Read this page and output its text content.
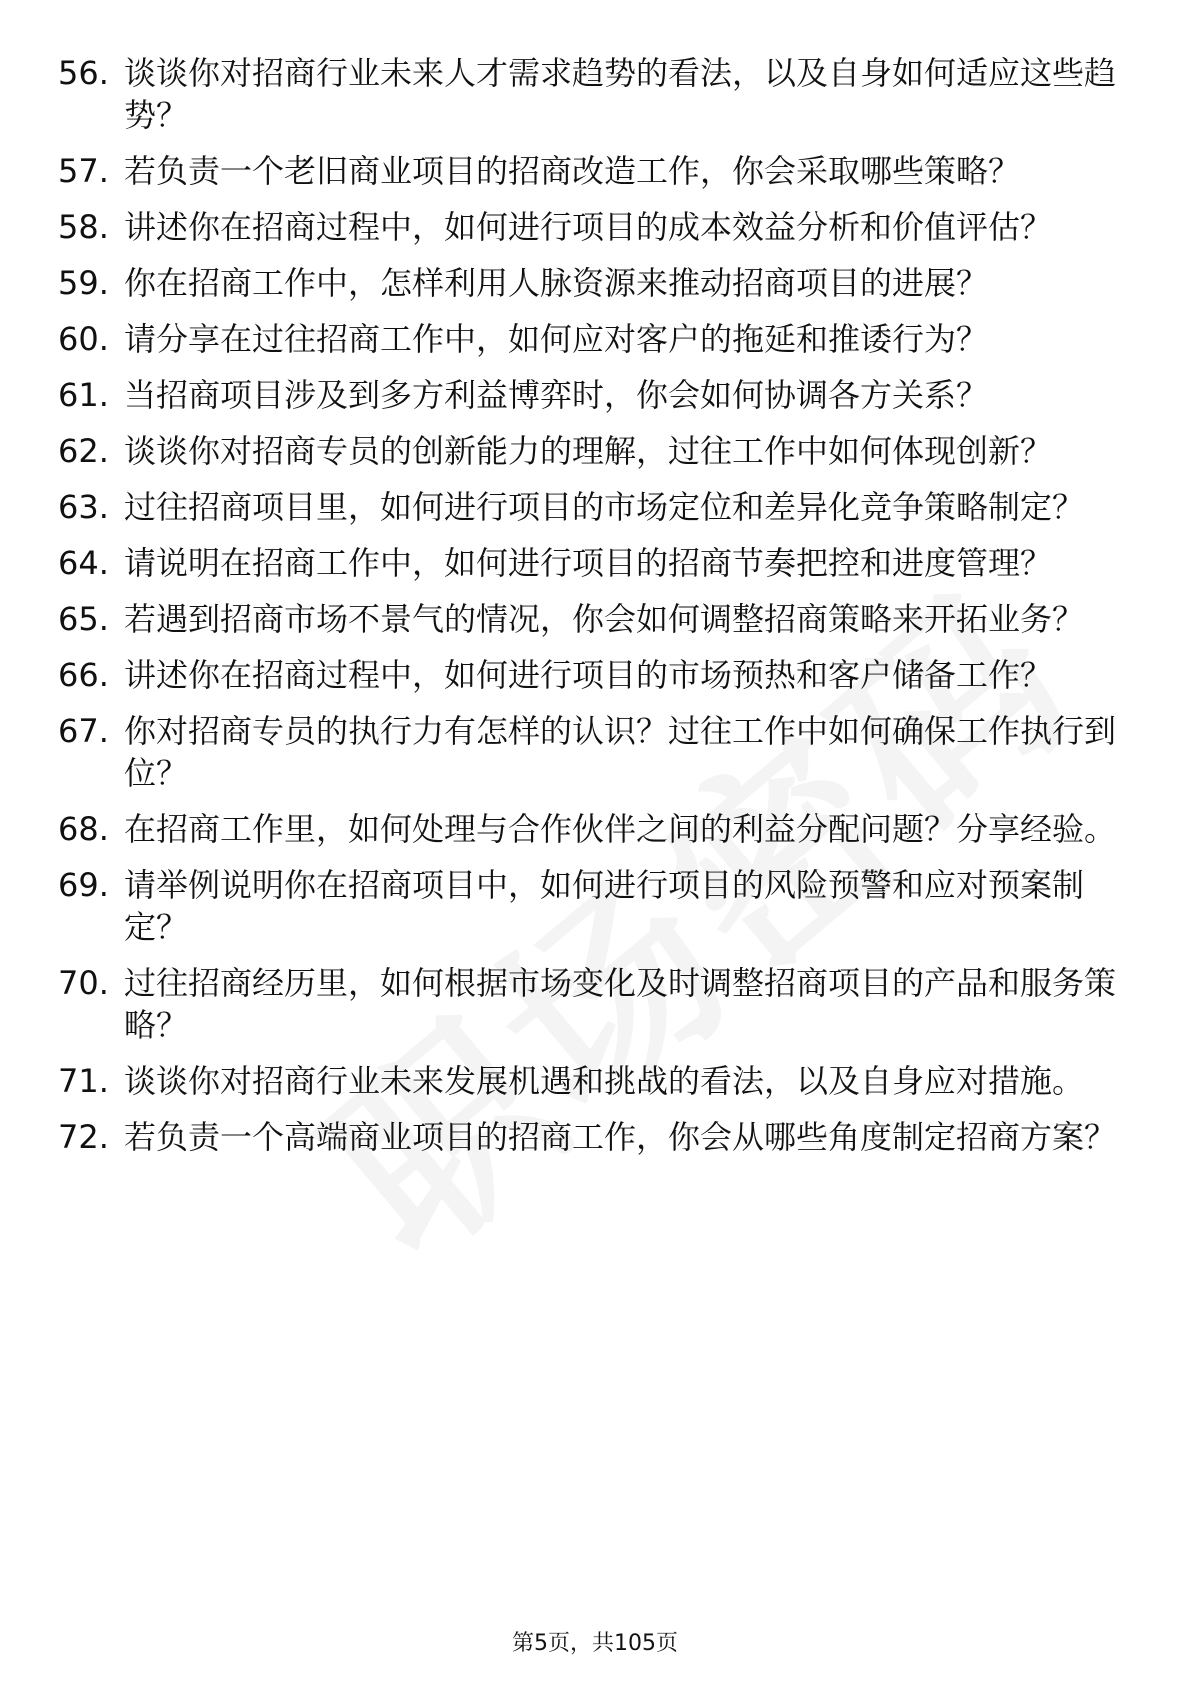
56. 谈谈你对招商行业未来人才需求趋势的看法，以及自身如何适应这些趋势？
57. 若负责一个老旧商业项目的招商改造工作，你会采取哪些策略？
58. 讲述你在招商过程中，如何进行项目的成本效益分析和价值评估？
59. 你在招商工作中，怎样利用人脉资源来推动招商项目的进展？
60. 请分享在过往招商工作中，如何应对客户的拖延和推诿行为？
61. 当招商项目涉及到多方利益博弈时，你会如何协调各方关系？
62. 谈谈你对招商专员的创新能力的理解，过往工作中如何体现创新？
63. 过往招商项目里，如何进行项目的市场定位和差异化竞争策略制定？
64. 请说明在招商工作中，如何进行项目的招商节奏把控和进度管理？
65. 若遇到招商市场不景气的情况，你会如何调整招商策略来开拓业务？
66. 讲述你在招商过程中，如何进行项目的市场预热和客户储备工作？
67. 你对招商专员的执行力有怎样的认识？过往工作中如何确保工作执行到位？
68. 在招商工作里，如何处理与合作伙伴之间的利益分配问题？分享经验。
69. 请举例说明你在招商项目中，如何进行项目的风险预警和应对预案制定？
70. 过往招商经历里，如何根据市场变化及时调整招商项目的产品和服务策略？
71. 谈谈你对招商行业未来发展机遇和挑战的看法，以及自身应对措施。
72. 若负责一个高端商业项目的招商工作，你会从哪些角度制定招商方案？
第5页，共105页
